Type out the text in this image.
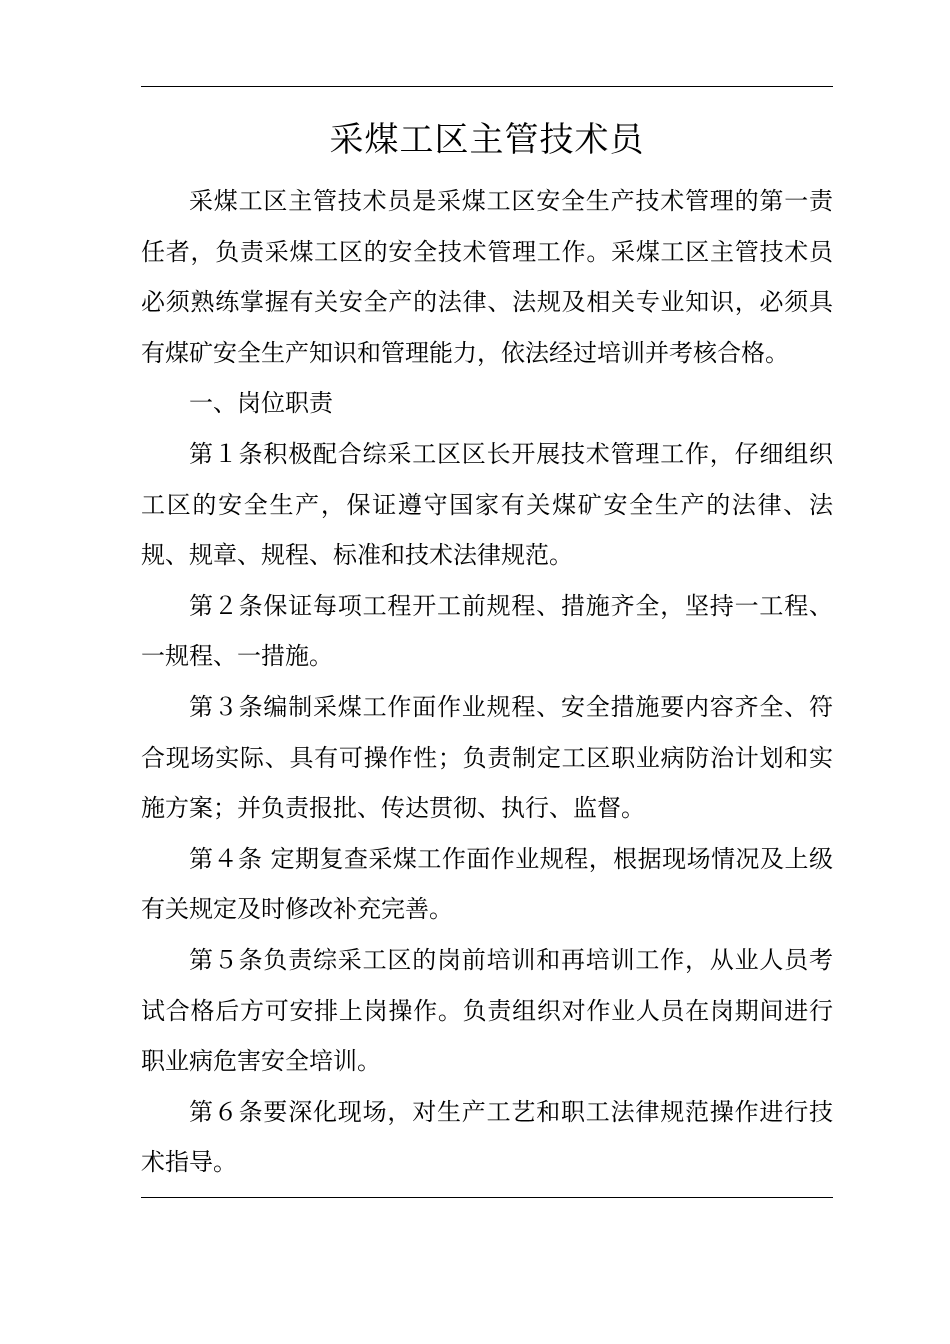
采煤工区主管技术员

采煤工区主管技术员是采煤工区安全生产技术管理的第一责任者，负责采煤工区的安全技术管理工作。采煤工区主管技术员必须熟练掌握有关安全产的法律、法规及相关专业知识，必须具有煤矿安全生产知识和管理能力，依法经过培训并考核合格。

一、岗位职责

第１条积极配合综采工区区长开展技术管理工作，仔细组织工区的安全生产，保证遵守国家有关煤矿安全生产的法律、法规、规章、规程、标准和技术法律规范。

第２条保证每项工程开工前规程、措施齐全，坚持一工程、一规程、一措施。

第３条编制采煤工作面作业规程、安全措施要内容齐全、符合现场实际、具有可操作性；负责制定工区职业病防治计划和实施方案；并负责报批、传达贯彻、执行、监督。

第４条 定期复查采煤工作面作业规程，根据现场情况及上级有关规定及时修改补充完善。

第５条负责综采工区的岗前培训和再培训工作，从业人员考试合格后方可安排上岗操作。负责组织对作业人员在岗期间进行职业病危害安全培训。

第６条要深化现场，对生产工艺和职工法律规范操作进行技术指导。
